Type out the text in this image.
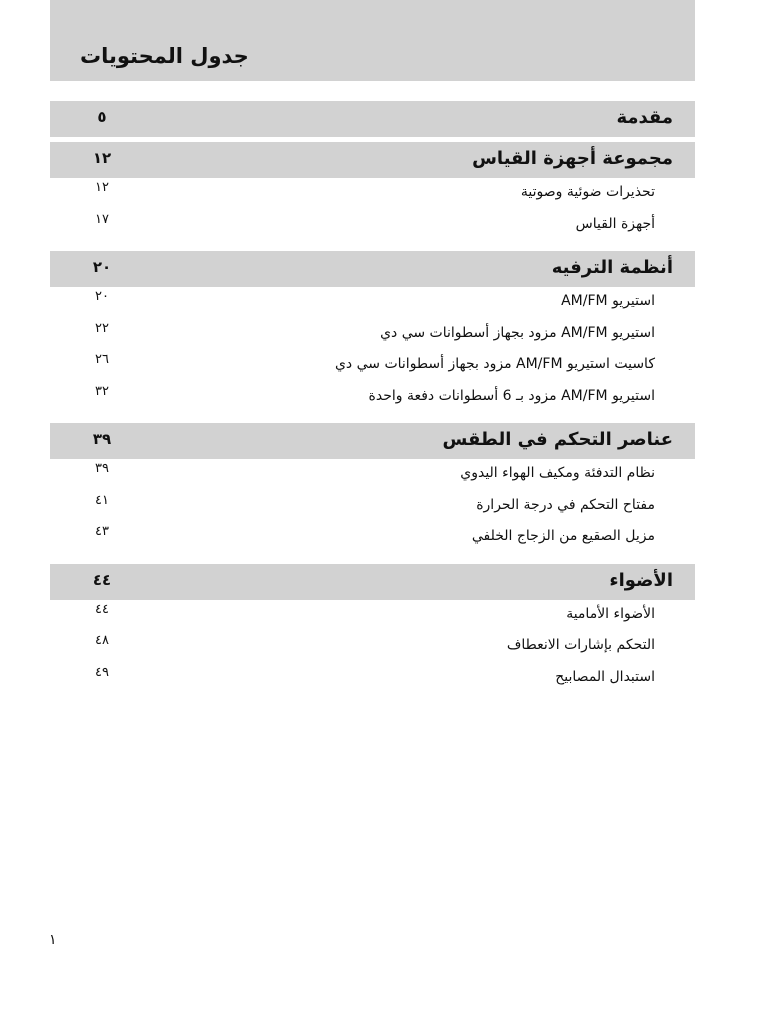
جدول المحتويات
مقدمة
٥
مجموعة أجهزة القياس
١٢
تحذيرات ضوئية وصوتية
١٢
أجهزة القياس
١٧
أنظمة الترفيه
٢٠
استيريو AM/FM
٢٠
استيريو AM/FM مزود بجهاز أسطوانات سي دي
٢٢
كاسيت استيريو AM/FM مزود بجهاز أسطوانات سي دي
٢٦
استيريو AM/FM مزود بـ 6 أسطوانات دفعة واحدة
٣٢
عناصر التحكم في الطقس
٣٩
نظام التدفئة ومكيف الهواء اليدوي
٣٩
مفتاح التحكم في درجة الحرارة
٤١
مزيل الصقيع من الزجاج الخلفي
٤٣
الأضواء
٤٤
الأضواء الأمامية
٤٤
التحكم بإشارات الانعطاف
٤٨
استبدال المصابيح
٤٩
١
